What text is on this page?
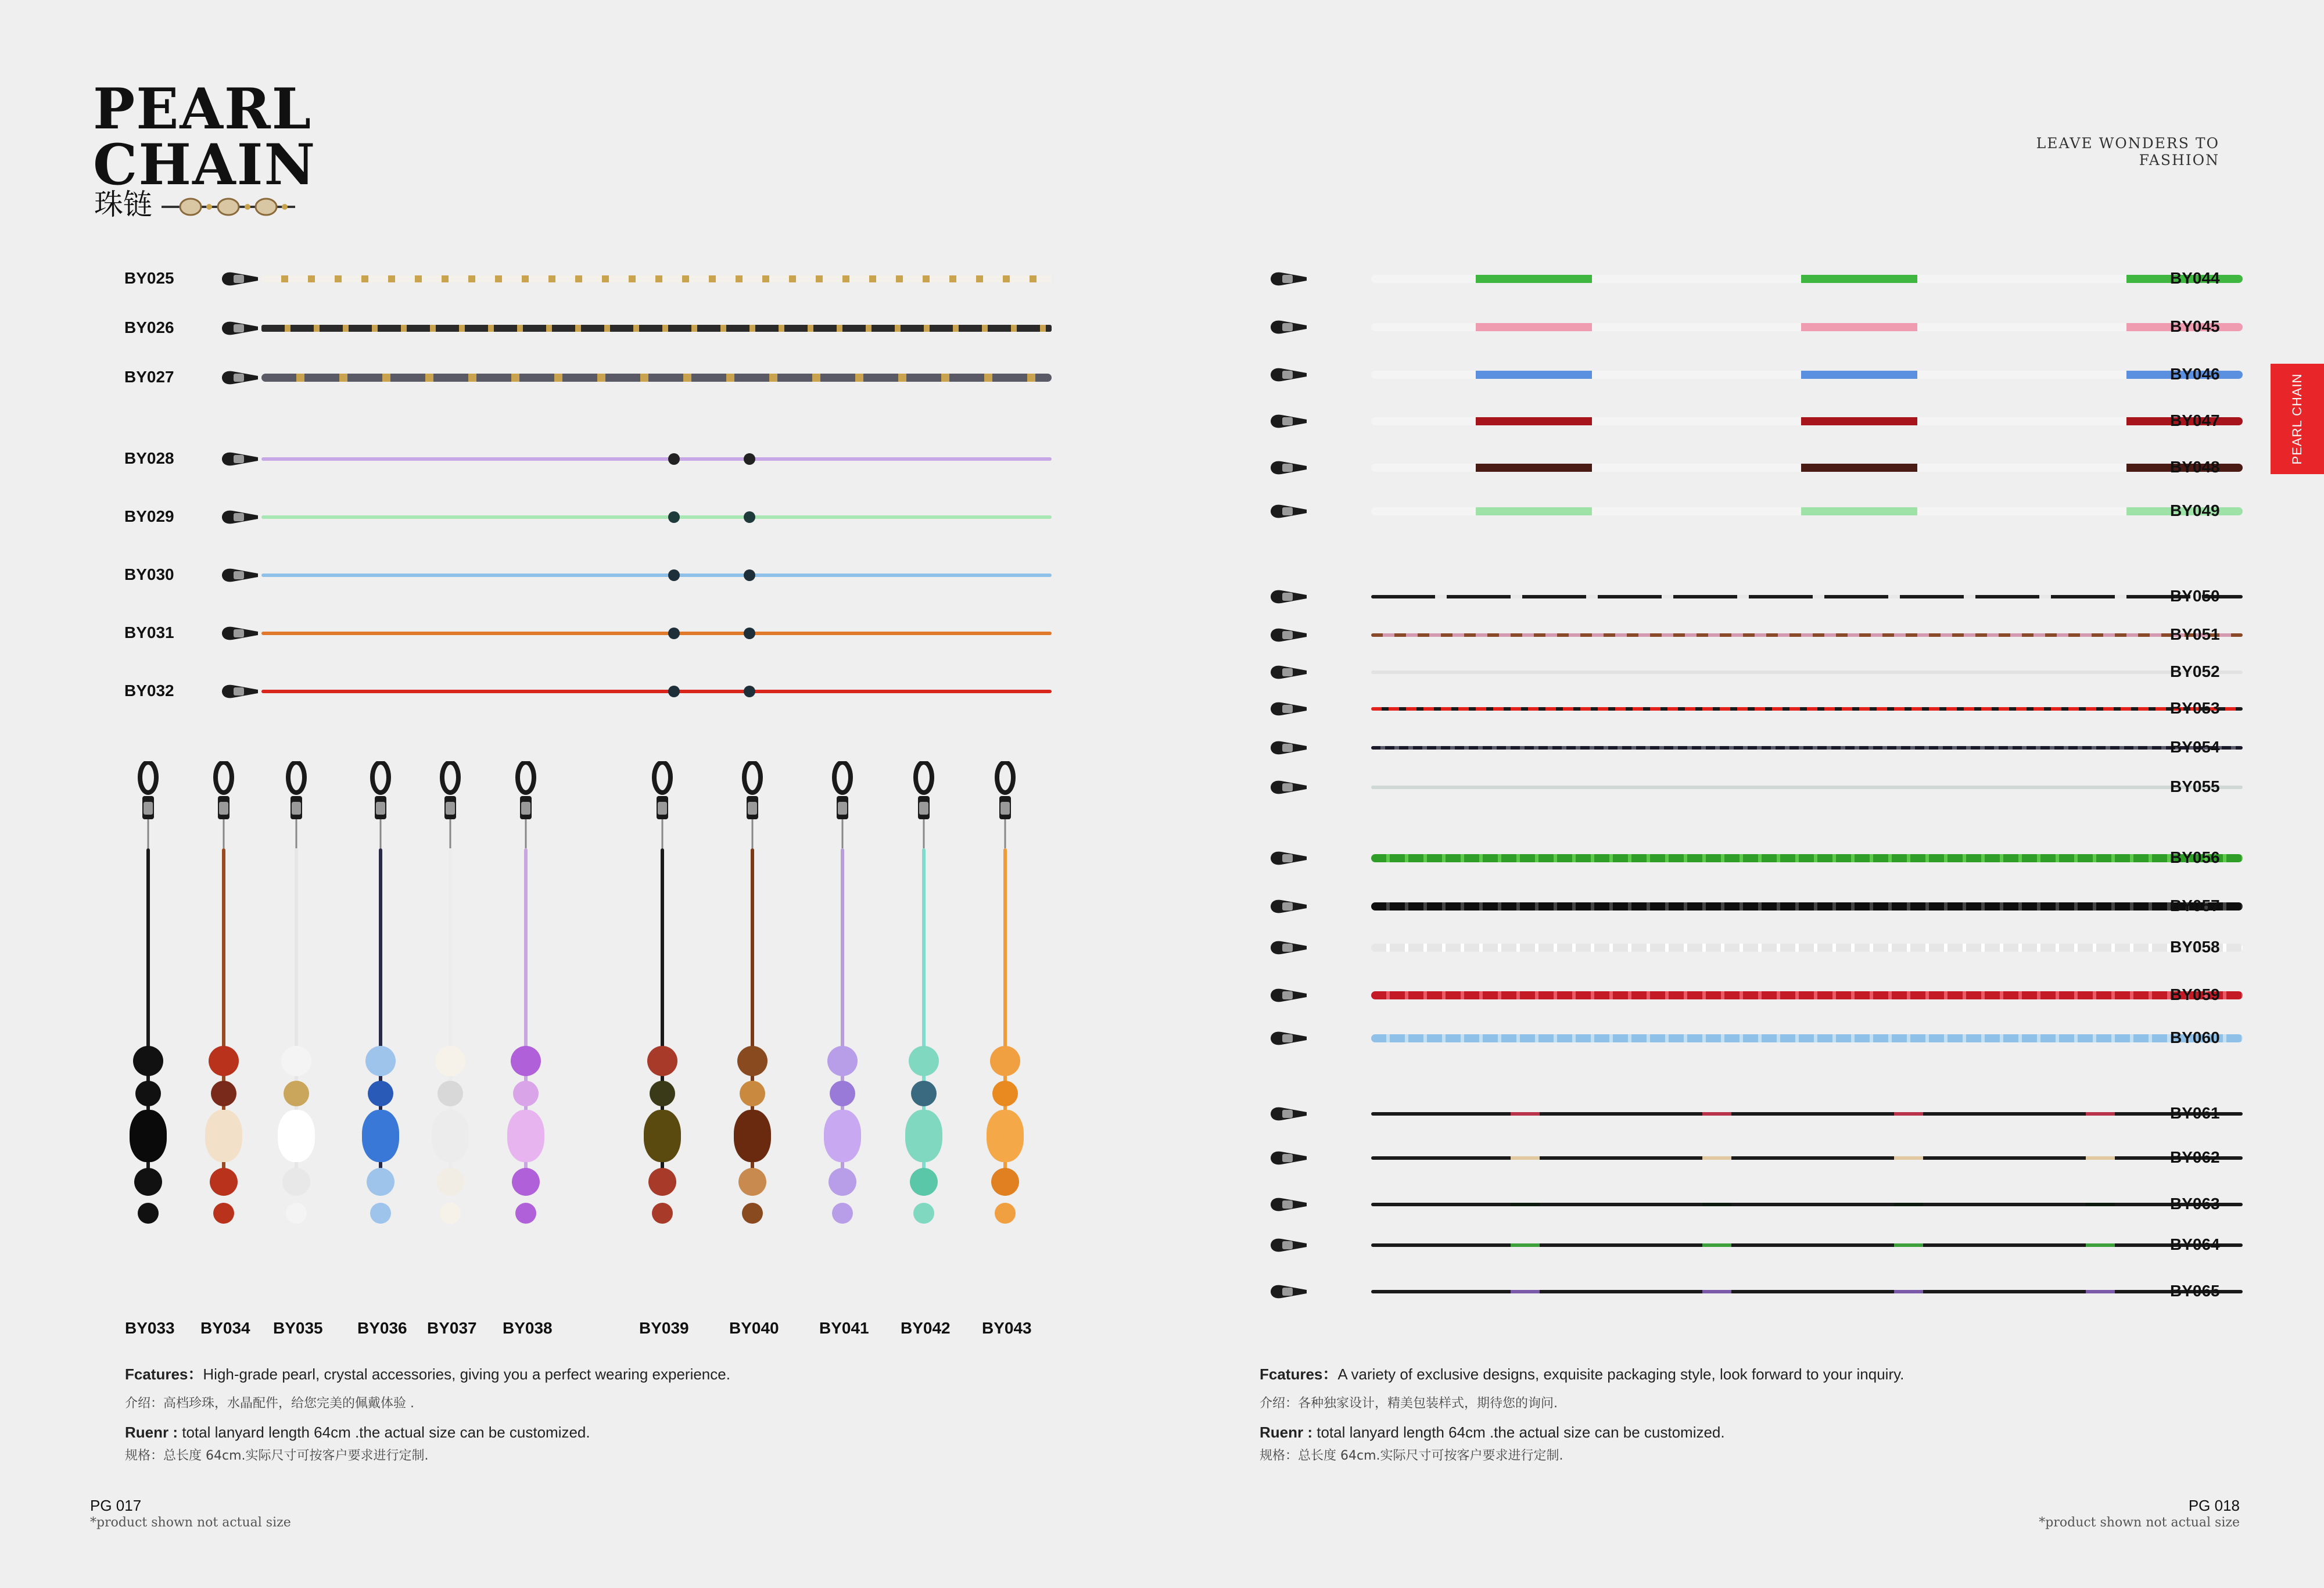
PEARL
CHAIN
珠链
LEAVE WONDERS TO FASHION
PEARL CHAIN
BY025
BY026
BY027
BY028
BY029
BY030
BY031
BY032
BY033 BY034 BY035 BY036 BY037 BY038	BY039 BY040 BY041 BY042 BY043
Fcatures：High-grade pearl, crystal accessories, giving you a perfect wearing experience.
介绍：高档珍珠，水晶配件，给您完美的佩戴体验 .
Ruenr : total lanyard length 64cm .the actual size can be customized.
规格：总长度 64cm.实际尺寸可按客户要求进行定制.
PG 017
*product shown not actual size
Fcatures：A variety of exclusive designs, exquisite packaging style, look forward to your inquiry.
介绍：各种独家设计，精美包装样式，期待您的询问.
Ruenr : total lanyard length 64cm .the actual size can be customized.
规格：总长度 64cm.实际尺寸可按客户要求进行定制.
PG 018
*product shown not actual size
BY044
BY045
BY046
BY047
BY048
BY049
BY050
BY051
BY052
BY053
BY054
BY055
BY056
BY057
BY058
BY059
BY060
BY061
BY062
BY063
BY064
BY065
